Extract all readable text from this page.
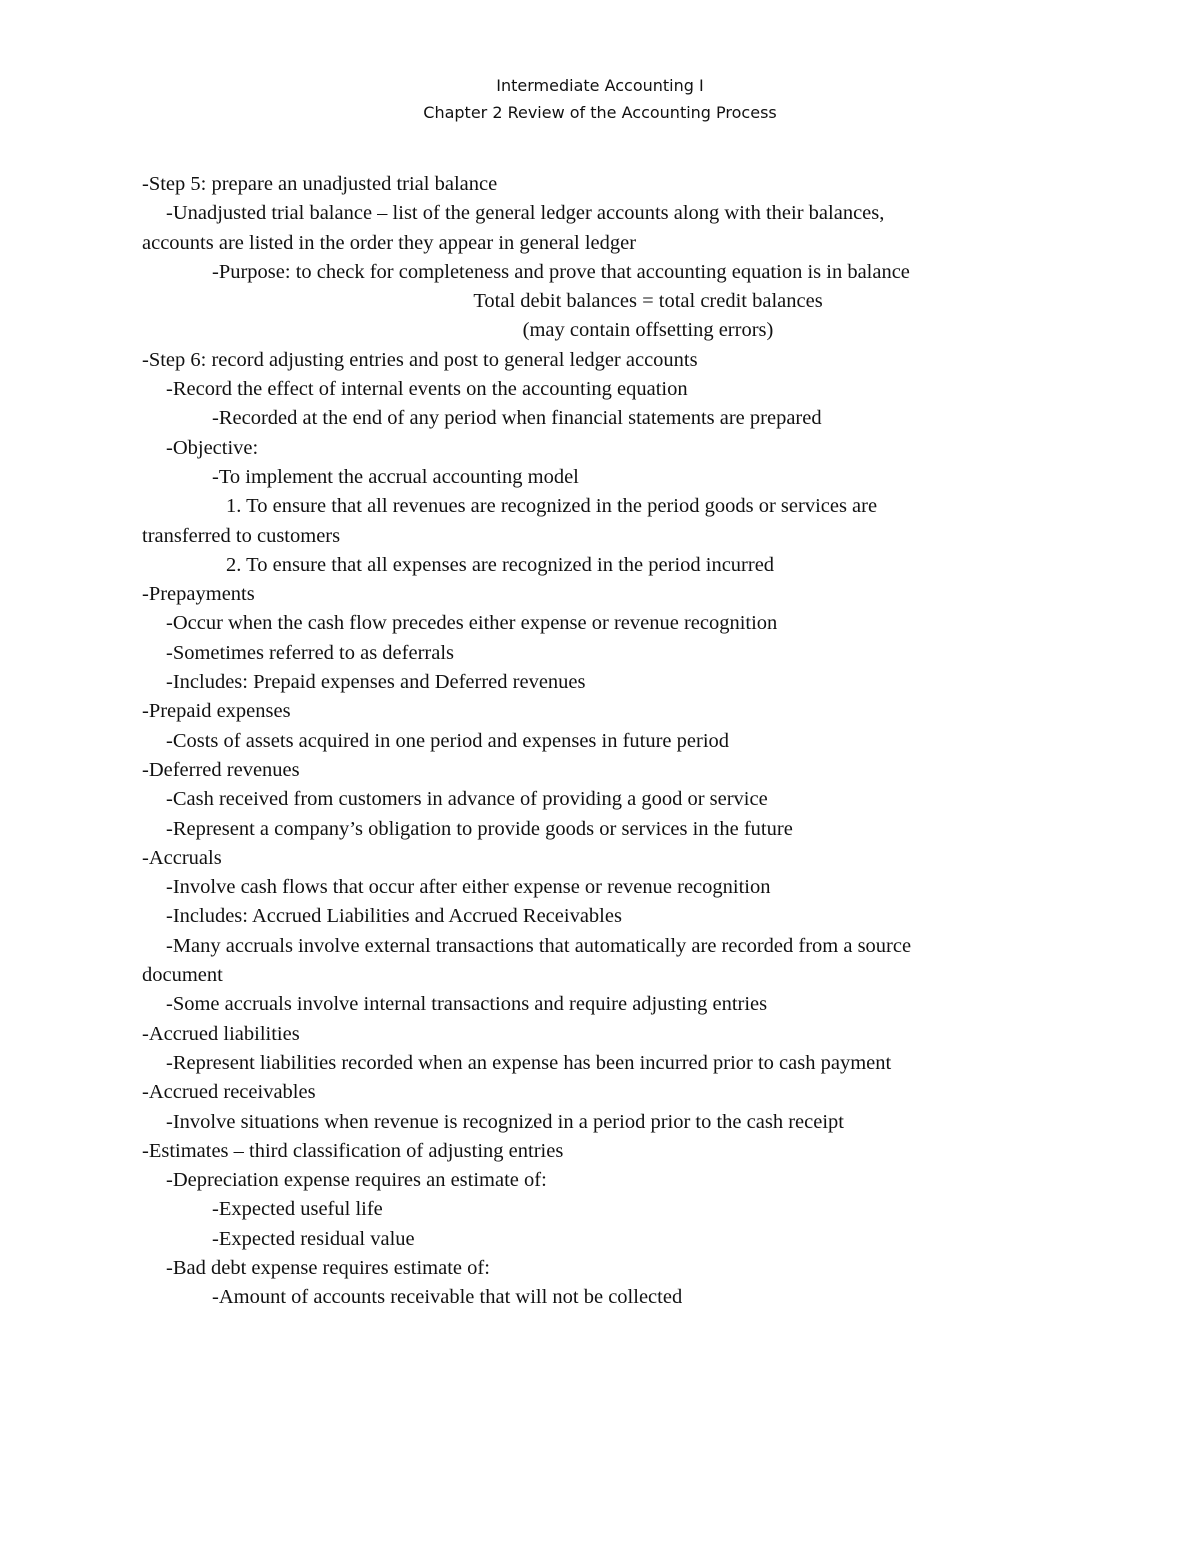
Intermediate Accounting I
Chapter 2 Review of the Accounting Process
-Step 5: prepare an unadjusted trial balance
-Unadjusted trial balance – list of the general ledger accounts along with their balances,
accounts are listed in the order they appear in general ledger
-Purpose: to check for completeness and prove that accounting equation is in balance
Total debit balances = total credit balances
(may contain offsetting errors)
-Step 6: record adjusting entries and post to general ledger accounts
-Record the effect of internal events on the accounting equation
-Recorded at the end of any period when financial statements are prepared
-Objective:
-To implement the accrual accounting model
1. To ensure that all revenues are recognized in the period goods or services are
transferred to customers
2. To ensure that all expenses are recognized in the period incurred
-Prepayments
-Occur when the cash flow precedes either expense or revenue recognition
-Sometimes referred to as deferrals
-Includes: Prepaid expenses and Deferred revenues
-Prepaid expenses
-Costs of assets acquired in one period and expenses in future period
-Deferred revenues
-Cash received from customers in advance of providing a good or service
-Represent a company’s obligation to provide goods or services in the future
-Accruals
-Involve cash flows that occur after either expense or revenue recognition
-Includes: Accrued Liabilities and Accrued Receivables
-Many accruals involve external transactions that automatically are recorded from a source
document
-Some accruals involve internal transactions and require adjusting entries
-Accrued liabilities
-Represent liabilities recorded when an expense has been incurred prior to cash payment
-Accrued receivables
-Involve situations when revenue is recognized in a period prior to the cash receipt
-Estimates – third classification of adjusting entries
-Depreciation expense requires an estimate of:
-Expected useful life
-Expected residual value
-Bad debt expense requires estimate of:
-Amount of accounts receivable that will not be collected
